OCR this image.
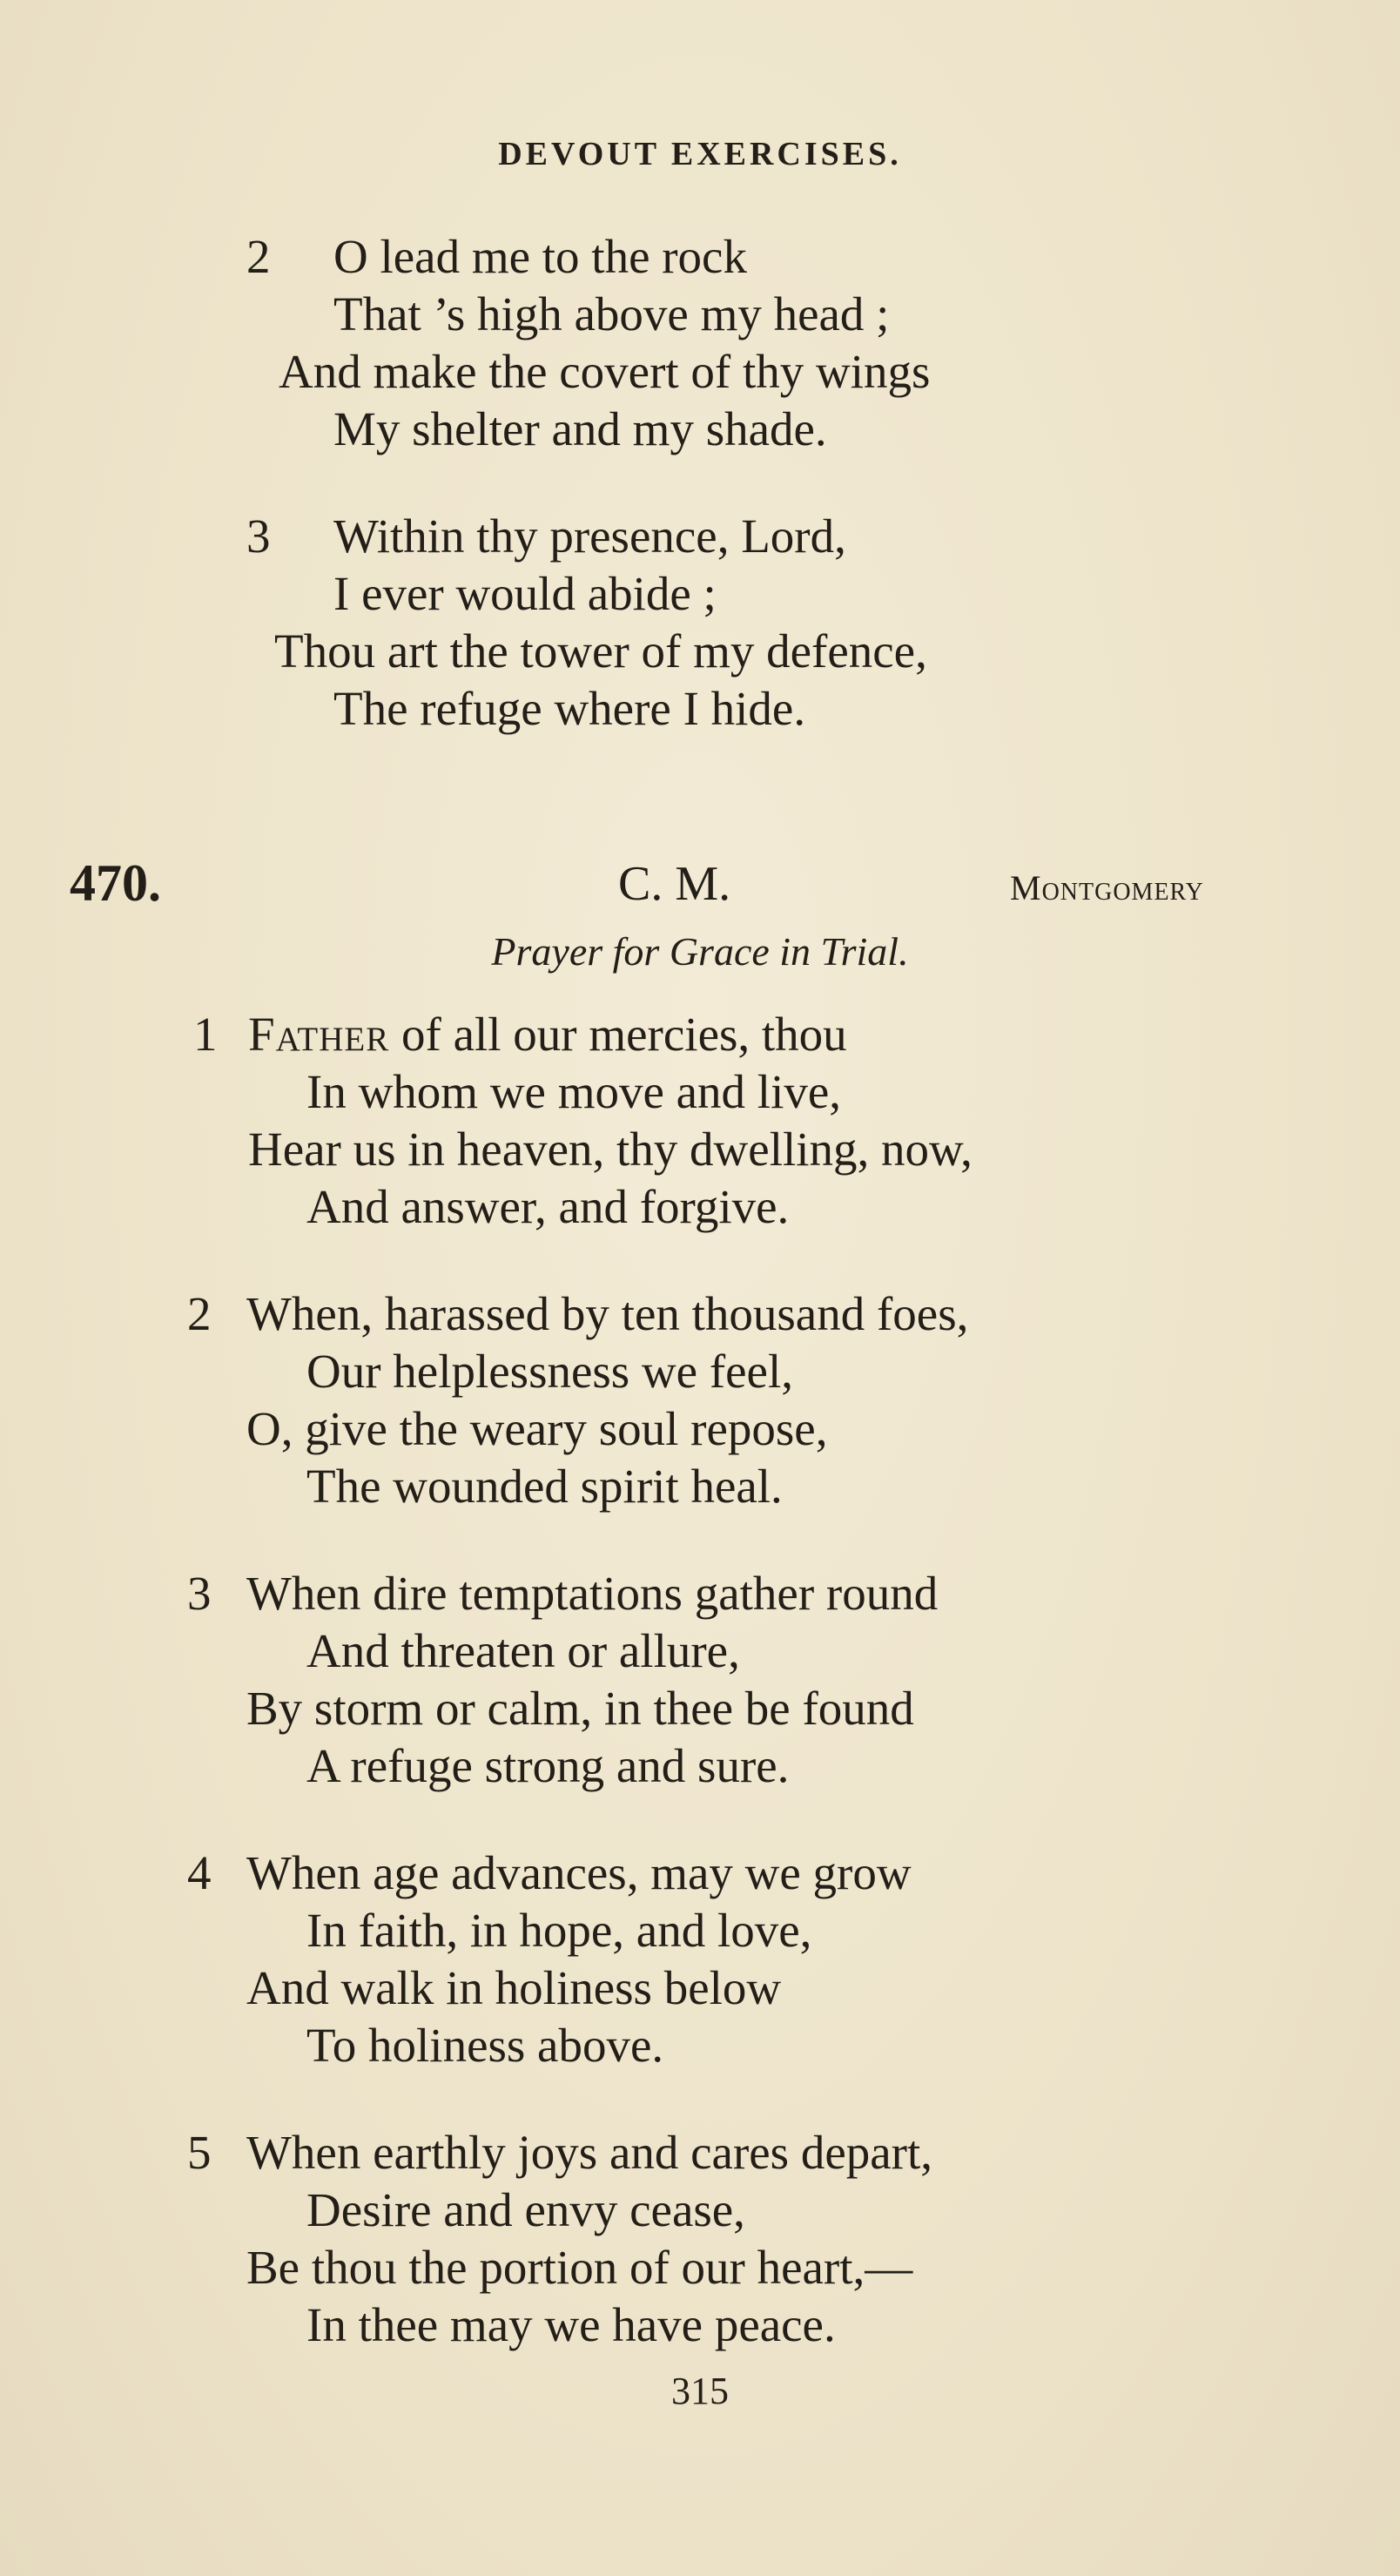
DEVOUT EXERCISES.
2 O lead me to the rock
That ’s high above my head ;
And make the covert of thy wings
My shelter and my shade.
3 Within thy presence, Lord,
I ever would abide ;
Thou art the tower of my defence,
The refuge where I hide.
470.	C. M.	Montgomery
Prayer for Grace in Trial.
1 Father of all our mercies, thou
In whom we move and live,
Hear us in heaven, thy dwelling, now,
And answer, and forgive.
2 When, harassed by ten thousand foes,
Our helplessness we feel,
O, give the weary soul repose,
The wounded spirit heal.
3 When dire temptations gather round
And threaten or allure,
By storm or calm, in thee be found
A refuge strong and sure.
4 When age advances, may we grow
In faith, in hope, and love,
And walk in holiness below
To holiness above.
5 When earthly joys and cares depart,
Desire and envy cease,
Be thou the portion of our heart,—
In thee may we have peace.
315
